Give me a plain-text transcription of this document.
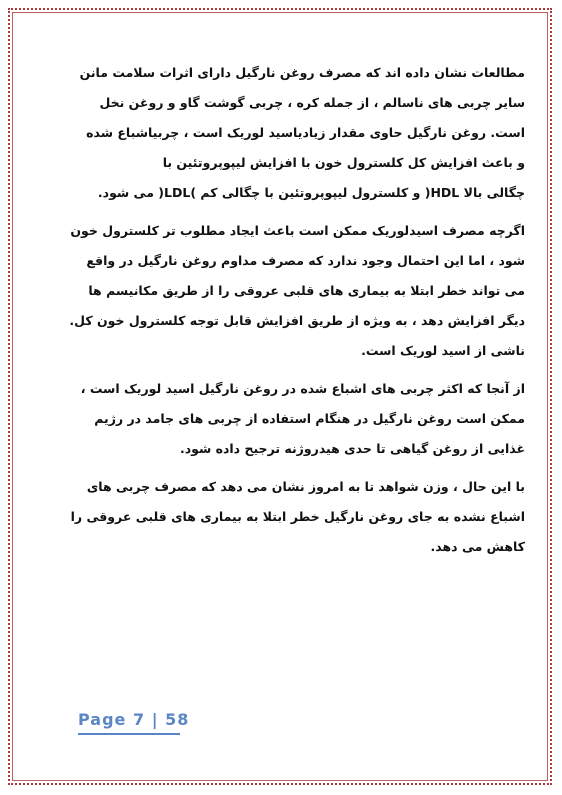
مطالعات نشان داده اند که مصرف روغن نارگیل دارای اثرات سلامت مانن
سایر چربی های ناسالم ، از جمله کره ، چربی گوشت گاو و روغن نخل
است. روغن نارگیل حاوی مقدار زیادیاسید لوریک است ، چربیاشباع شده
و باعث افزایش کل کلسترول خون با افزایش لیپوپروتئین با
چگالی بالا HDL( و کلسترول لیپوپروتئین با چگالی کم )LDL( می شود.
اگرچه مصرف اسیدلوریک ممکن است باعث ایجاد مطلوب تر کلسترول خون
شود ، اما این احتمال وجود ندارد که مصرف مداوم روغن نارگیل در واقع
می تواند خطر ابتلا به بیماری های قلبی عروقی را از طریق مکانیسم ها
دیگر افزایش دهد ، به ویژه از طریق افزایش قابل توجه کلسترول خون کل.
ناشی از اسید لوریک است.
از آنجا که اکثر چربی های اشباع شده در روغن نارگیل اسید لوریک است ،
ممکن است روغن نارگیل در هنگام استفاده از چربی های جامد در رژیم
غذایی از روغن گیاهی تا حدی هیدروژنه ترجیح داده شود.
با این حال ، وزن شواهد تا به امروز نشان می دهد که مصرف چربی های
اشباع نشده به جای روغن نارگیل خطر ابتلا به بیماری های قلبی عروقی را
کاهش می دهد.
Page 7 | 58
